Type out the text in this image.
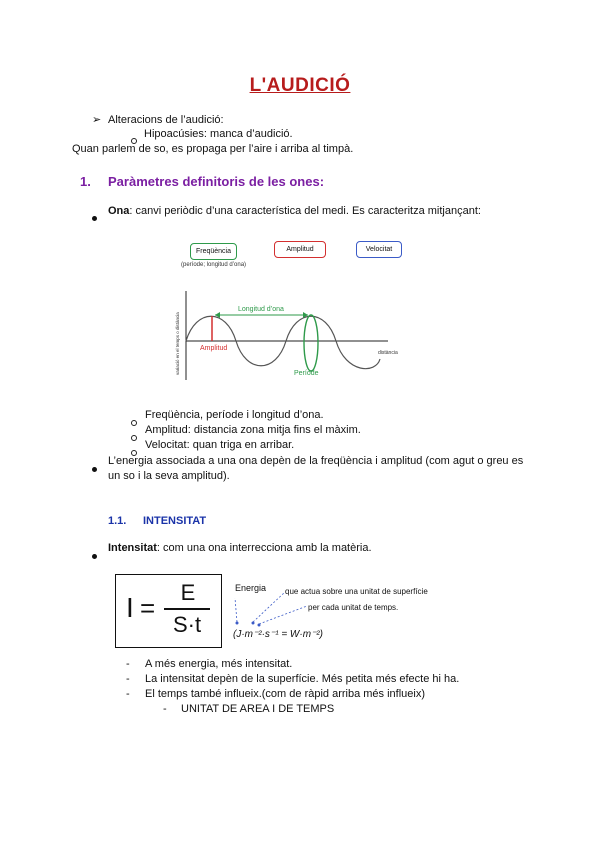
L'AUDICIÓ
➢ Alteracions de l’audició:
Hipoacúsies: manca d’audició.
Quan parlem de so, es propaga per l’aire i arriba al timpà.
1. Paràmetres definitoris de les ones:
Ona: canvi periòdic d’una característica del medi. Es caracteritza mitjançant:
Freqüència
(període; longitud d’ona)
Amplitud	Velocitat
Amplitud
Longitud d’ona
Període
distància
variació en el temps o distància
Freqüència, període i longitud d’ona.
Amplitud: distancia zona mitja fins el màxim.
Velocitat: quan triga en arribar.
L’energia associada a una ona depèn de la freqüència i amplitud (com agut o greu es
un so i la seva amplitud).
1.1. INTENSITAT
Intensitat: com una ona interrecciona amb la matèria.
I =
E
S·t
Energia que actua sobre una unitat de superfície
per cada unitat de temps.
(J·m⁻²·s⁻¹ = W·m⁻²)
- A més energia, més intensitat.
- La intensitat depèn de la superfície. Més petita més efecte hi ha.
- El temps també influeix.(com de ràpid arriba més influeix)
- UNITAT DE AREA I DE TEMPS
